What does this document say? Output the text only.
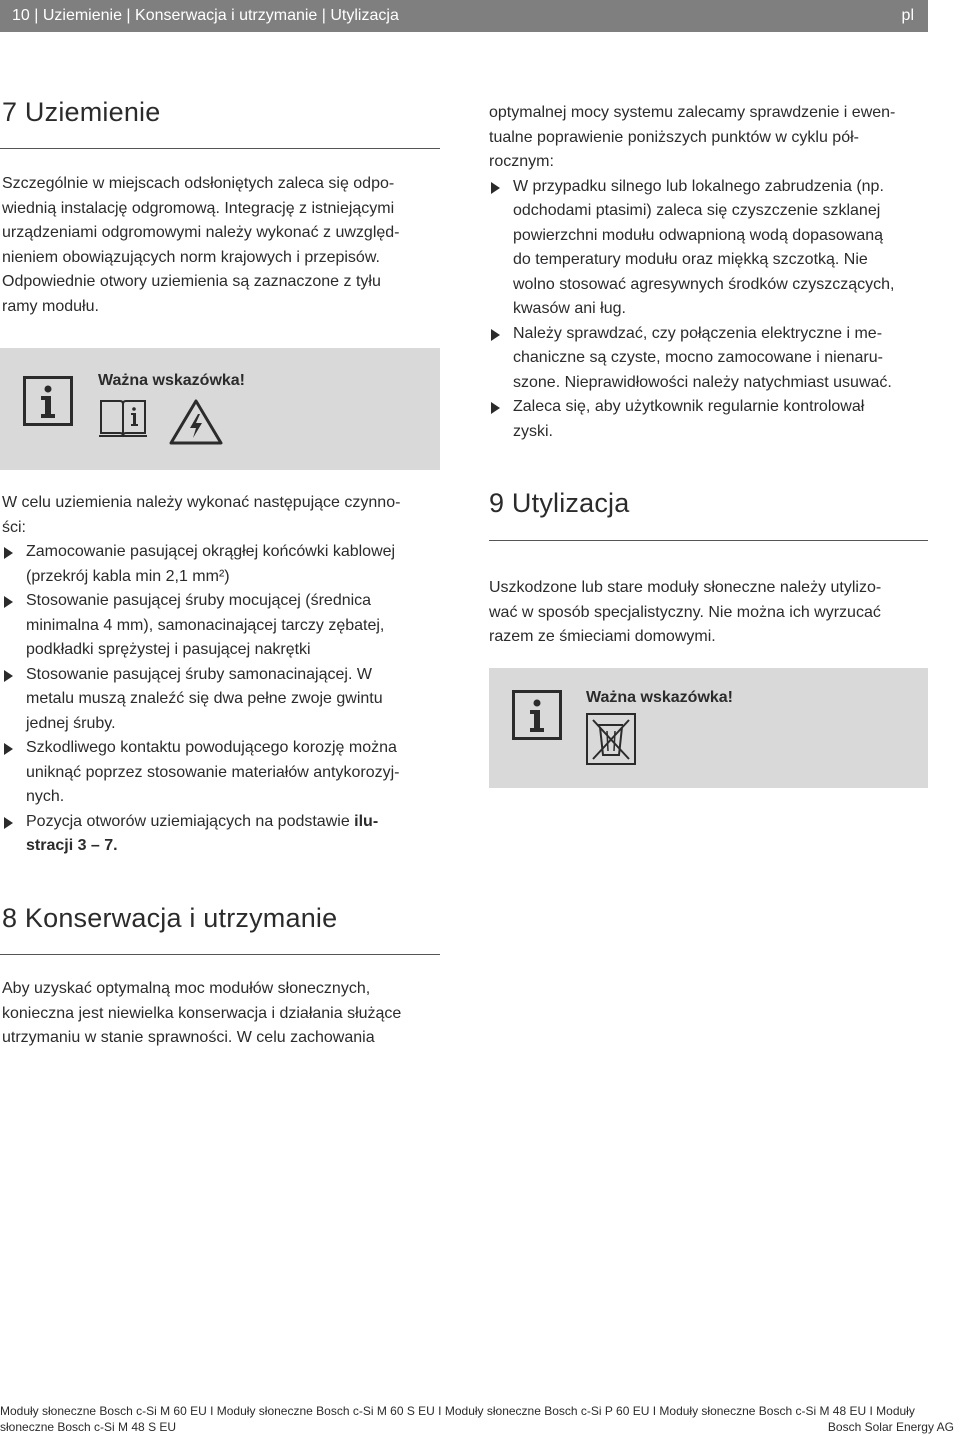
10 | Uziemienie | Konserwacja i utrzymanie | Utylizacja	pl
7 Uziemienie

Szczególnie w miejscach odsłoniętych zaleca się odpo-

wiednią instalację odgromową. Integrację z istniejącymi

urządzeniami odgromowymi należy wykonać z uwzględ-

nieniem obowiązujących norm krajowych i przepisów.

Odpowiednie otwory uziemienia są zaznaczone z tyłu

ramy modułu.

Ważna wskazówka!

W celu uziemienia należy wykonać następujące czynno-

ści:

Zamocowanie pasującej okrągłej końcówki kablowej

(przekrój kabla min 2,1 mm²)

Stosowanie pasującej śruby mocującej (średnica

minimalna 4 mm), samonacinającej tarczy zębatej,

podkładki sprężystej i pasującej nakrętki

Stosowanie pasującej śruby samonacinającej. W

metalu muszą znaleźć się dwa pełne zwoje gwintu

jednej śruby.

Szkodliwego kontaktu powodującego korozję można

uniknąć poprzez stosowanie materiałów antykorozyj-

nych.

Pozycja otworów uziemiających na podstawie ilu-

stracji 3 – 7.

8 Konserwacja i utrzymanie

Aby uzyskać optymalną moc modułów słonecznych,

konieczna jest niewielka konserwacja i działania służące

utrzymaniu w stanie sprawności. W celu zachowania

optymalnej mocy systemu zalecamy sprawdzenie i ewen-

tualne poprawienie poniższych punktów w cyklu pół-

rocznym:

W przypadku silnego lub lokalnego zabrudzenia (np.

odchodami ptasimi) zaleca się czyszczenie szklanej

powierzchni modułu odwapnioną wodą dopasowaną

do temperatury modułu oraz miękką szczotką. Nie

wolno stosować agresywnych środków czyszczących,

kwasów ani ług.

Należy sprawdzać, czy połączenia elektryczne i me-

chaniczne są czyste, mocno zamocowane i nienaru-

szone. Nieprawidłowości należy natychmiast usuwać.

Zaleca się, aby użytkownik regularnie kontrolował

zyski.

9 Utylizacja

Uszkodzone lub stare moduły słoneczne należy utylizo-

wać w sposób specjalistyczny. Nie można ich wyrzucać

razem ze śmieciami domowymi.

Ważna wskazówka!
Moduły słoneczne Bosch c-Si M 60 EU I Moduły słoneczne Bosch c-Si M 60 S EU I Moduły słoneczne Bosch c-Si P 60 EU I Moduły słoneczne Bosch c-Si M 48 EU I Moduły
słoneczne Bosch c-Si M 48 S EU	Bosch Solar Energy AG
